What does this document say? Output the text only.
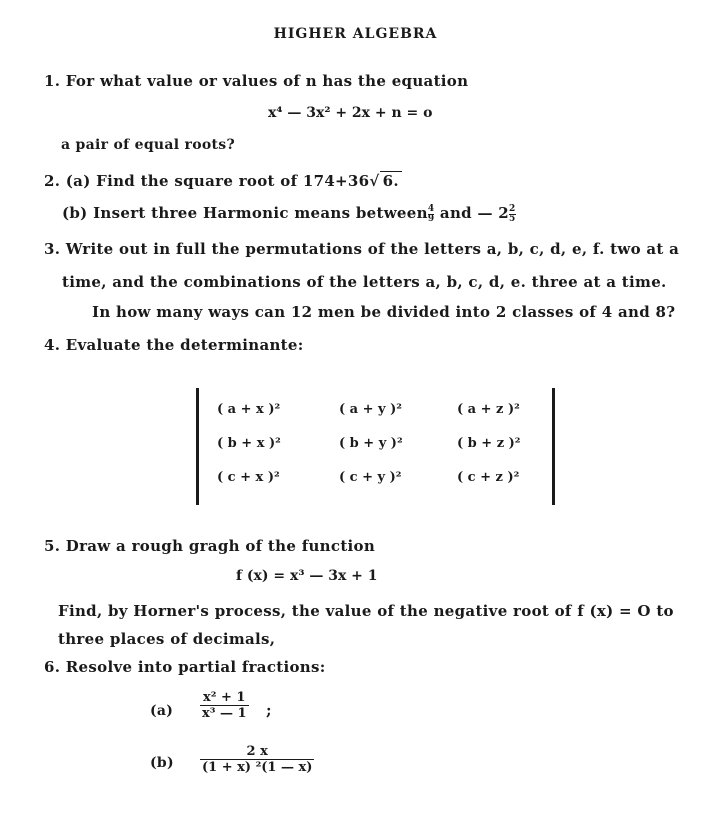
HIGHER ALGEBRA
1. For what value or values of n has the equation
x⁴ — 3x² + 2x + n = o
a pair of equal roots?
2. (a) Find the square root of 174+36√ 6.
(b) Insert three Harmonic means between $\frac{4}{9}$ and — $2 \frac{2}{5}$
3. Write out in full the permutations of the letters a, b, c, d, e, f. two at a
time, and the combinations of the letters a, b, c, d, e. three at a time.
In how many ways can 12 men be divided into 2 classes of 4 and 8?
4. Evaluate the determinante:
( a + x )²	( a + y )²	( a + z )²
( b + x )²	( b + y )²	( b + z )²
( c + x )²	( c + y )²	( c + z )²
5. Draw a rough gragh of the function
f (x) = x³ — 3x + 1
Find, by Horner's process, the value of the negative root of f (x) = O to
three places of decimals,
6. Resolve into partial fractions:
$(a) \frac{\text{x² + 1}}{\text{x³ — 1}}$ ;
$(b) \frac{2 x}{\text{(1 + x) ²(1 — x)}}$
